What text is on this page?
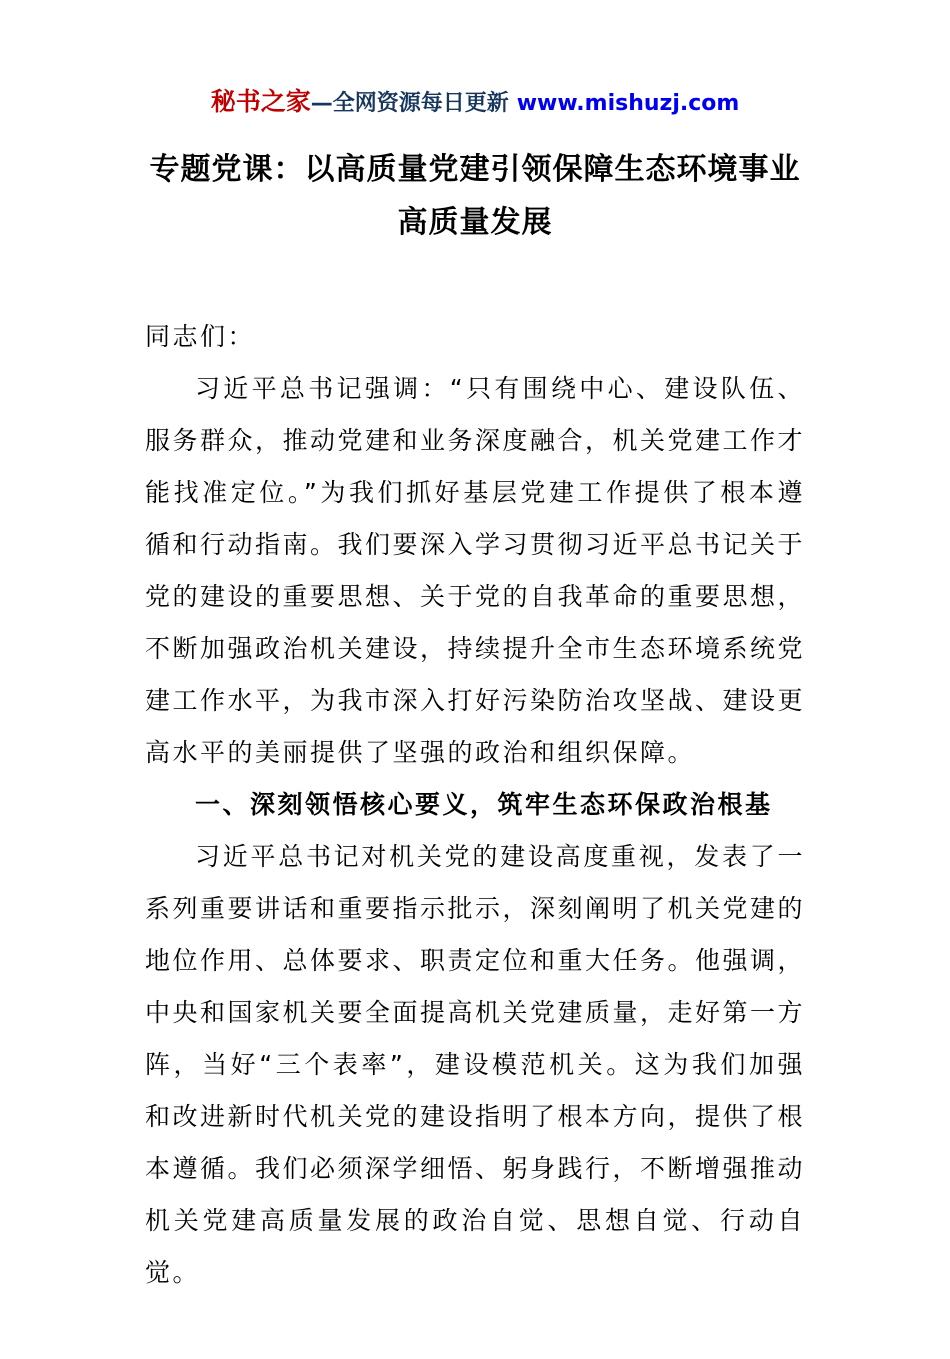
秘书之家—全网资源每日更新 www.mishuzj.com
专题党课：以高质量党建引领保障生态环境事业高质量发展

同志们：

习近平总书记强调：“只有围绕中心、建设队伍、服务群众，推动党建和业务深度融合，机关党建工作才能找准定位。”为我们抓好基层党建工作提供了根本遵循和行动指南。我们要深入学习贯彻习近平总书记关于党的建设的重要思想、关于党的自我革命的重要思想，不断加强政治机关建设，持续提升全市生态环境系统党建工作水平，为我市深入打好污染防治攻坚战、建设更高水平的美丽提供了坚强的政治和组织保障。

一、深刻领悟核心要义，筑牢生态环保政治根基

习近平总书记对机关党的建设高度重视，发表了一系列重要讲话和重要指示批示，深刻阐明了机关党建的地位作用、总体要求、职责定位和重大任务。他强调，中央和国家机关要全面提高机关党建质量，走好第一方阵，当好“三个表率”，建设模范机关。这为我们加强和改进新时代机关党的建设指明了根本方向，提供了根本遵循。我们必须深学细悟、躬身践行，不断增强推动机关党建高质量发展的政治自觉、思想自觉、行动自觉。
